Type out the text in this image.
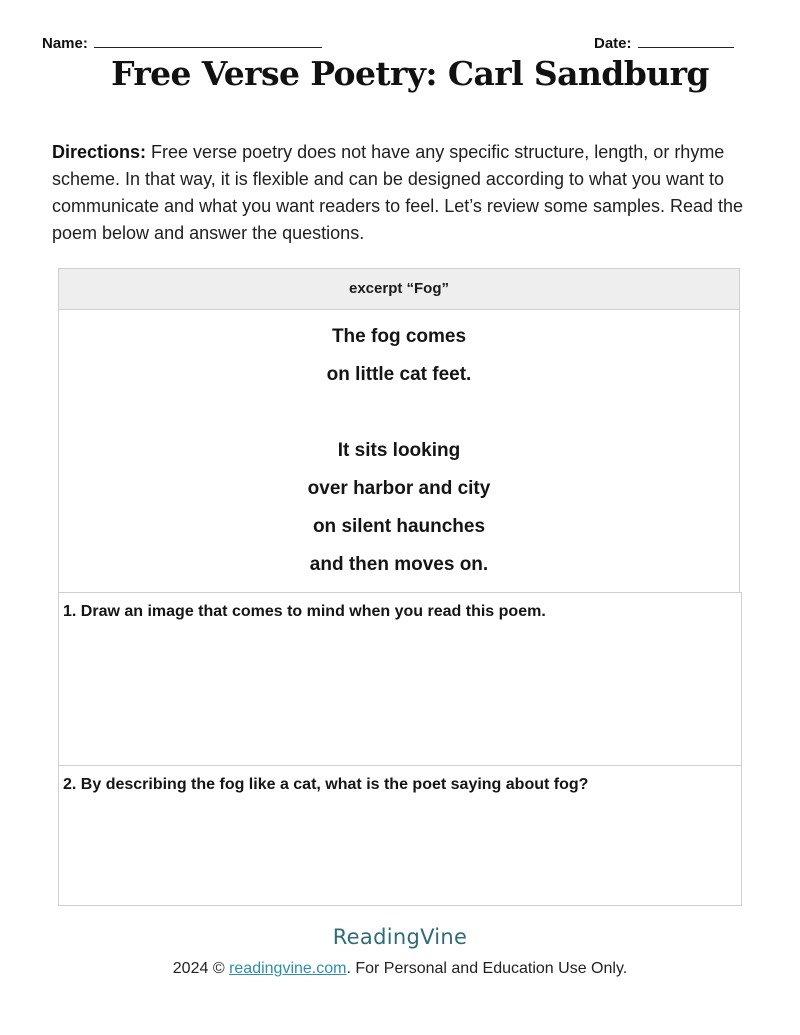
Name:	Date:
Free Verse Poetry: Carl Sandburg
Directions: Free verse poetry does not have any specific structure, length, or rhyme scheme. In that way, it is flexible and can be designed according to what you want to communicate and what you want readers to feel. Let’s review some samples. Read the poem below and answer the questions.
excerpt “Fog”
The fog comes
on little cat feet.
It sits looking
over harbor and city
on silent haunches
and then moves on.
1. Draw an image that comes to mind when you read this poem.
2. By describing the fog like a cat, what is the poet saying about fog?
ReadingVine
2024 © readingvine.com. For Personal and Education Use Only.
